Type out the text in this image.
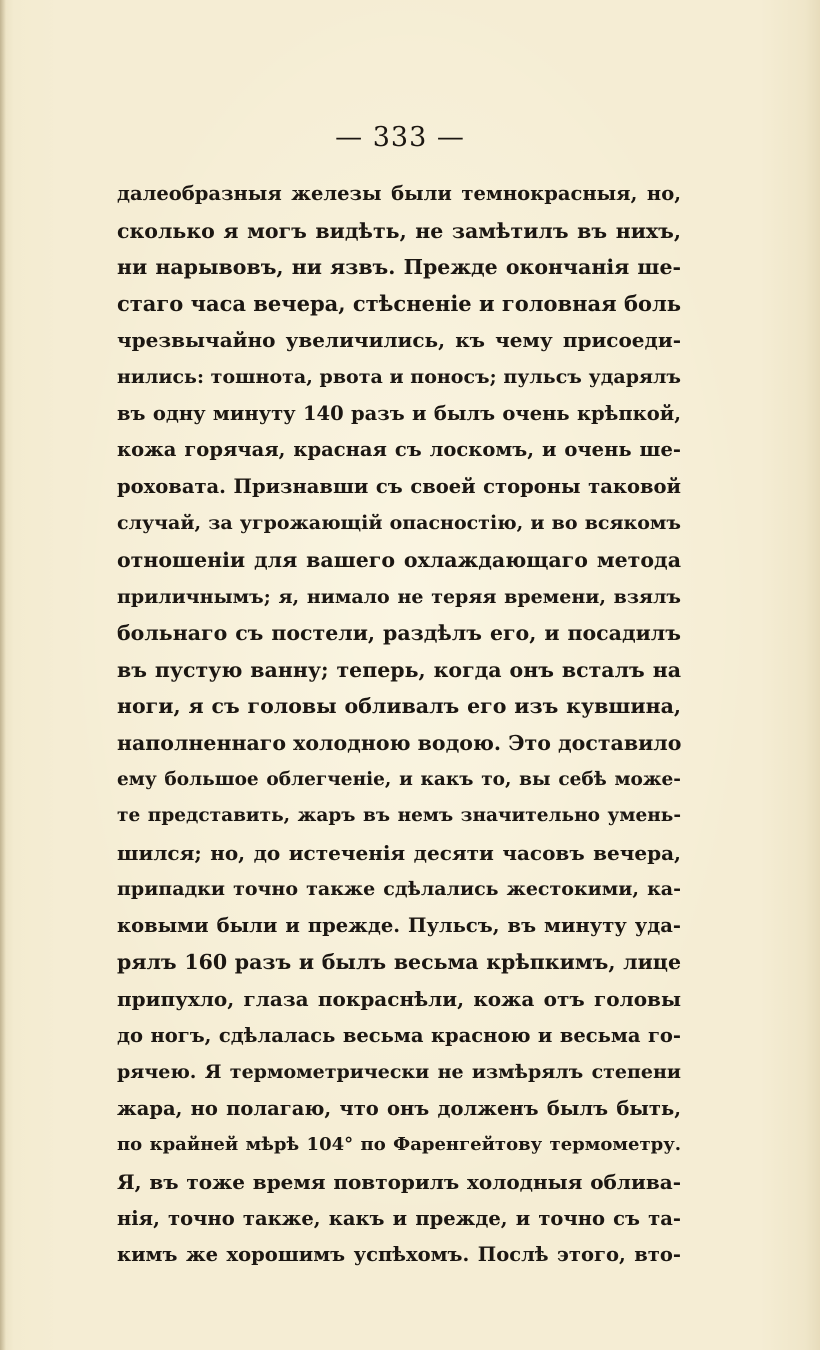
— 333 —
далеобразныя железы были темнокрасныя, но,
сколько я могъ видѣть, не замѣтилъ въ нихъ,
ни нарывовъ, ни язвъ. Прежде окончанія ше-
стаго часа вечера, стѣсненіе и головная боль
чрезвычайно увеличились, къ чему присоеди-
нились: тошнота, рвота и поносъ; пульсъ ударялъ
въ одну минуту 140 разъ и былъ очень крѣпкой,
кожа горячая, красная съ лоскомъ, и очень ше-
роховата. Признавши съ своей стороны таковой
случай, за угрожающій опасностію, и во всякомъ
отношеніи для вашего охлаждающаго метода
приличнымъ; я, нимало не теряя времени, взялъ
больнаго съ постели, раздѣлъ его, и посадилъ
въ пустую ванну; теперь, когда онъ всталъ на
ноги, я съ головы обливалъ его изъ кувшина,
наполненнаго холодною водою. Это доставило
ему большое облегченіе, и какъ то, вы себѣ може-
те представить, жаръ въ немъ значительно умень-
шился; но, до истеченія десяти часовъ вечера,
припадки точно также сдѣлались жестокими, ка-
ковыми были и прежде. Пульсъ, въ минуту уда-
рялъ 160 разъ и былъ весьма крѣпкимъ, лице
припухло, глаза покраснѣли, кожа отъ головы
до ногъ, сдѣлалась весьма красною и весьма го-
рячею. Я термометрически не измѣрялъ степени
жара, но полагаю, что онъ долженъ былъ быть,
по крайней мѣрѣ 104° по Фаренгейтову термометру.
Я, въ тоже время повторилъ холодныя облива-
нія, точно также, какъ и прежде, и точно съ та-
кимъ же хорошимъ успѣхомъ. Послѣ этого, вто-
